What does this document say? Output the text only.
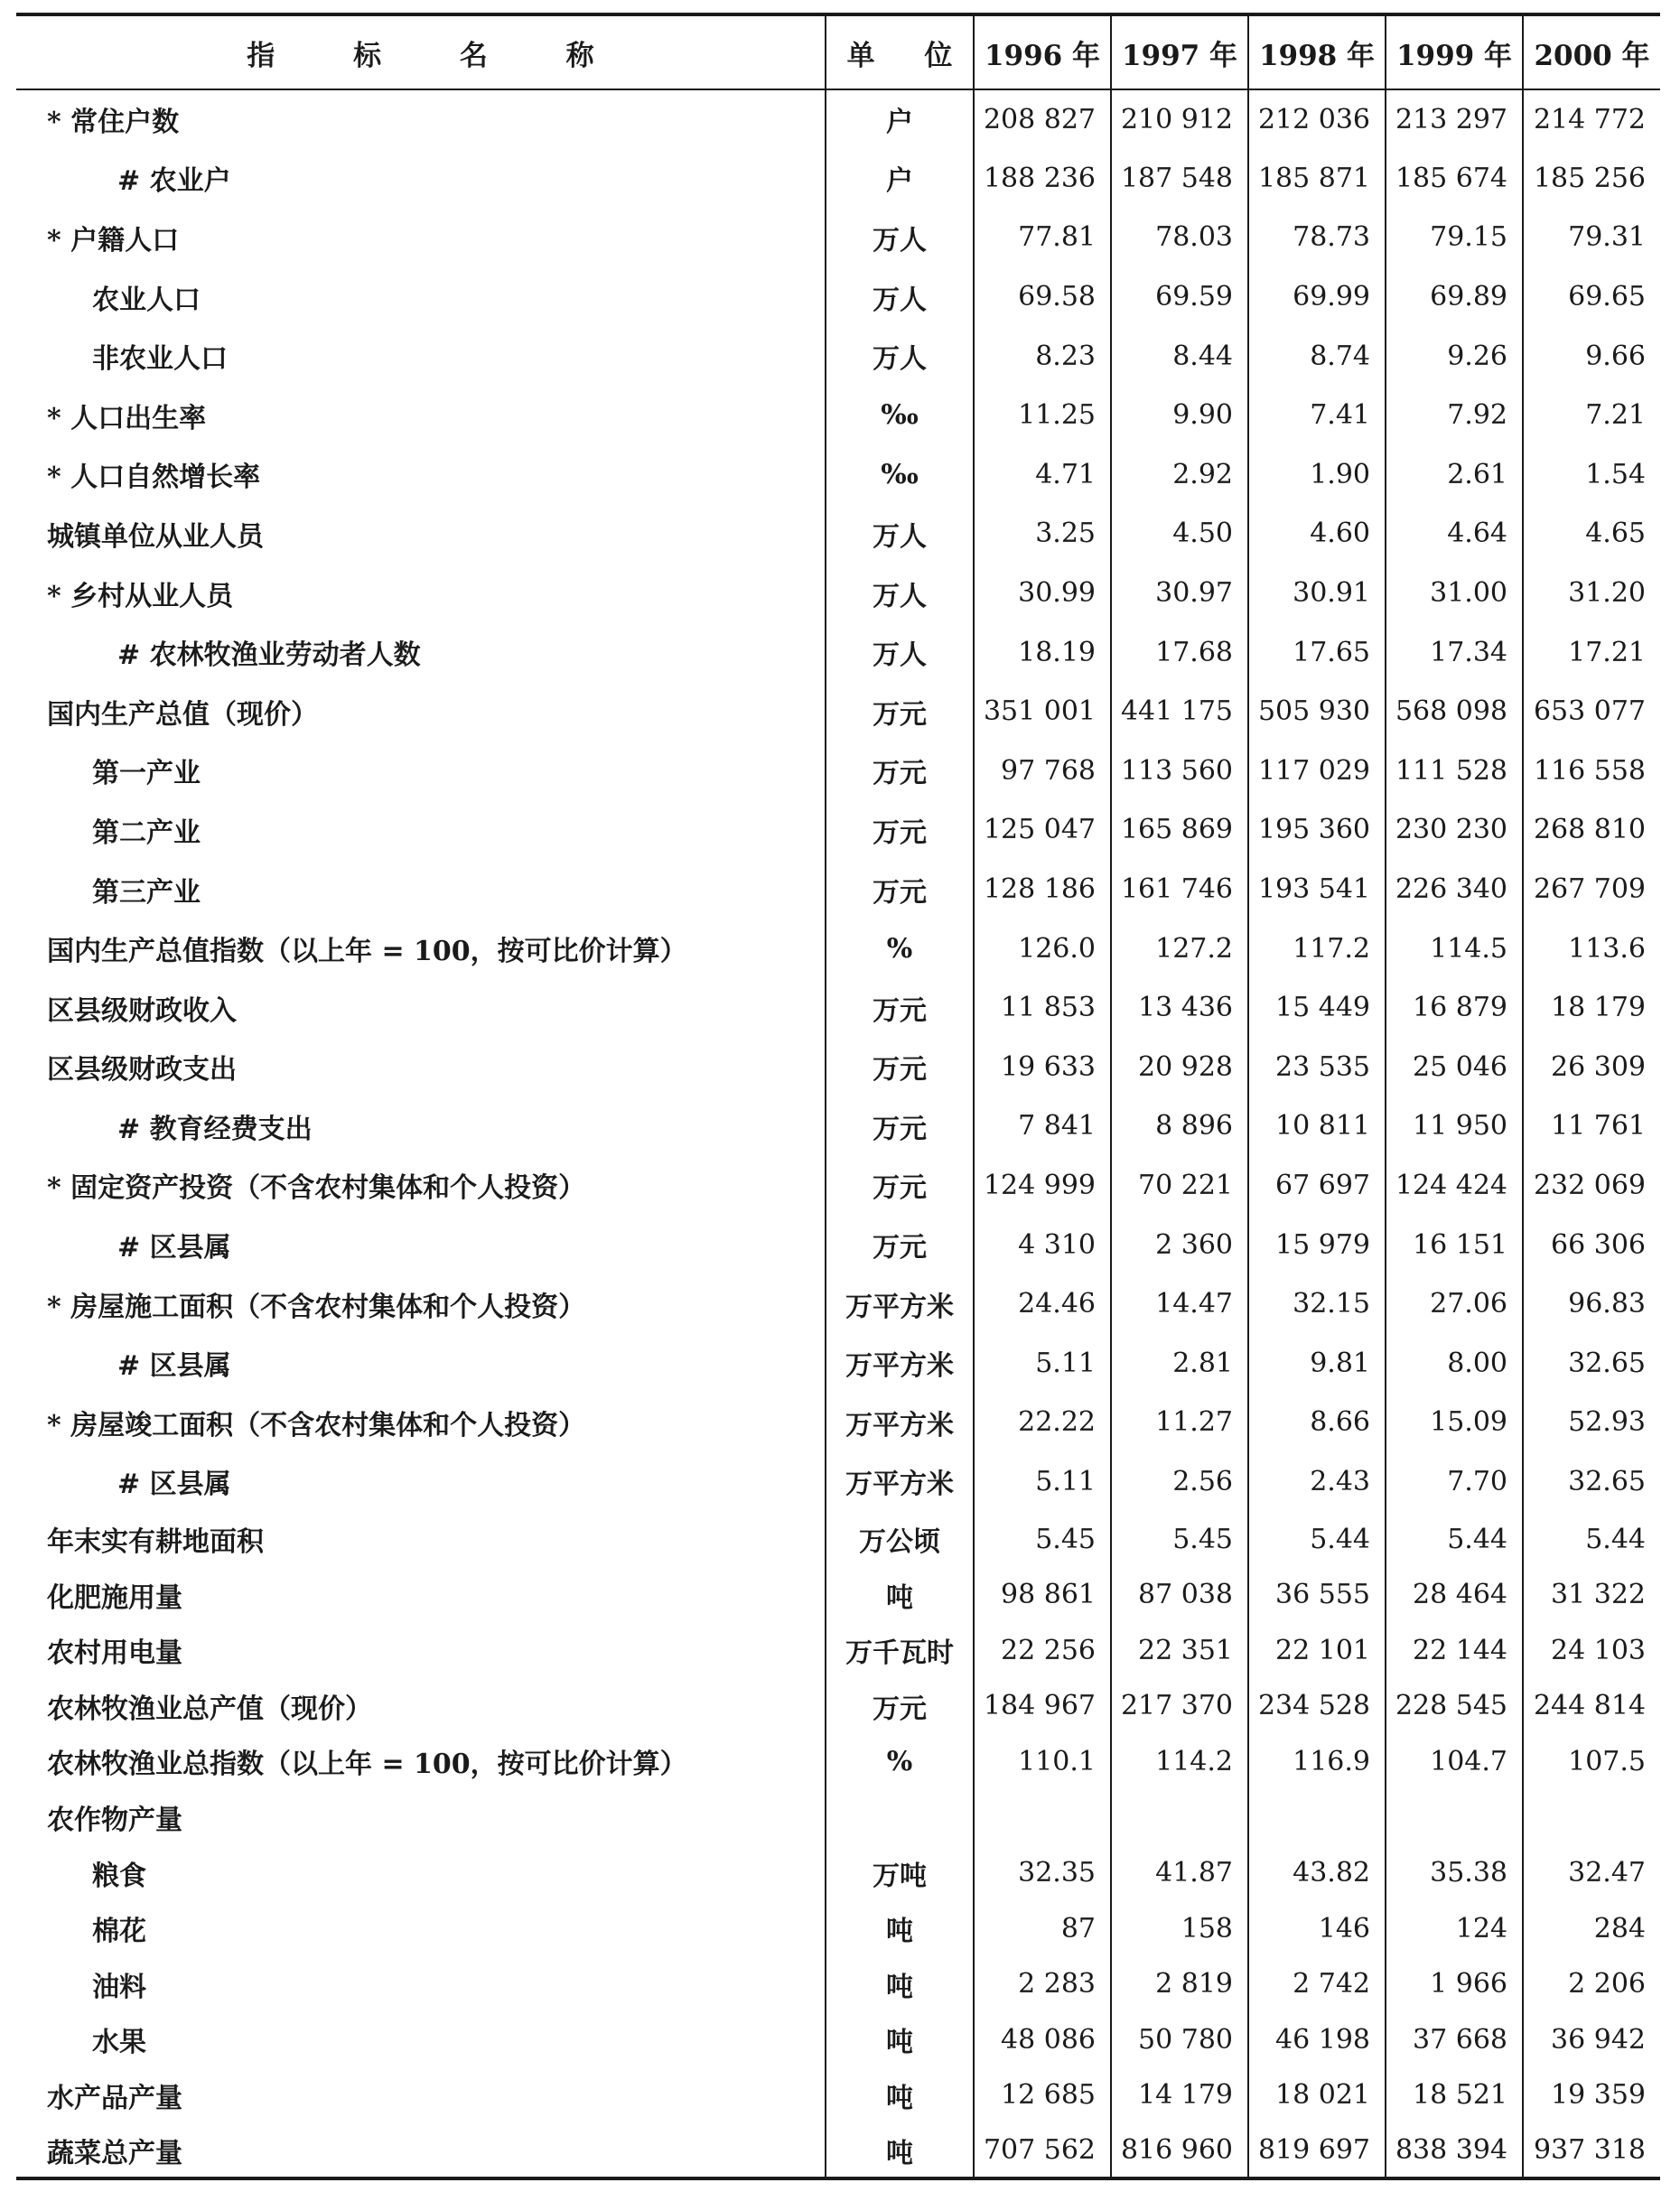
指 标 名 称	单 位	1996 年	1997 年	1998 年	1999 年	2000 年
* 常住户数	户	208 827	210 912	212 036	213 297	214 772
# 农业户	户	188 236	187 548	185 871	185 674	185 256
* 户籍人口	万人	77.81	78.03	78.73	79.15	79.31
农业人口	万人	69.58	69.59	69.99	69.89	69.65
非农业人口	万人	8.23	8.44	8.74	9.26	9.66
* 人口出生率	‰	11.25	9.90	7.41	7.92	7.21
* 人口自然增长率	‰	4.71	2.92	1.90	2.61	1.54
城镇单位从业人员	万人	3.25	4.50	4.60	4.64	4.65
* 乡村从业人员	万人	30.99	30.97	30.91	31.00	31.20
# 农林牧渔业劳动者人数	万人	18.19	17.68	17.65	17.34	17.21
国内生产总值（现价）	万元	351 001	441 175	505 930	568 098	653 077
第一产业	万元	97 768	113 560	117 029	111 528	116 558
第二产业	万元	125 047	165 869	195 360	230 230	268 810
第三产业	万元	128 186	161 746	193 541	226 340	267 709
国内生产总值指数（以上年 = 100，按可比价计算）	%	126.0	127.2	117.2	114.5	113.6
区县级财政收入	万元	11 853	13 436	15 449	16 879	18 179
区县级财政支出	万元	19 633	20 928	23 535	25 046	26 309
# 教育经费支出	万元	7 841	8 896	10 811	11 950	11 761
* 固定资产投资（不含农村集体和个人投资）	万元	124 999	70 221	67 697	124 424	232 069
# 区县属	万元	4 310	2 360	15 979	16 151	66 306
* 房屋施工面积（不含农村集体和个人投资）	万平方米	24.46	14.47	32.15	27.06	96.83
# 区县属	万平方米	5.11	2.81	9.81	8.00	32.65
* 房屋竣工面积（不含农村集体和个人投资）	万平方米	22.22	11.27	8.66	15.09	52.93
# 区县属	万平方米	5.11	2.56	2.43	7.70	32.65
年末实有耕地面积	万公顷	5.45	5.45	5.44	5.44	5.44
化肥施用量	吨	98 861	87 038	36 555	28 464	31 322
农村用电量	万千瓦时	22 256	22 351	22 101	22 144	24 103
农林牧渔业总产值（现价）	万元	184 967	217 370	234 528	228 545	244 814
农林牧渔业总指数（以上年 = 100，按可比价计算）	%	110.1	114.2	116.9	104.7	107.5
农作物产量						
粮食	万吨	32.35	41.87	43.82	35.38	32.47
棉花	吨	87	158	146	124	284
油料	吨	2 283	2 819	2 742	1 966	2 206
水果	吨	48 086	50 780	46 198	37 668	36 942
水产品产量	吨	12 685	14 179	18 021	18 521	19 359
蔬菜总产量	吨	707 562	816 960	819 697	838 394	937 318
